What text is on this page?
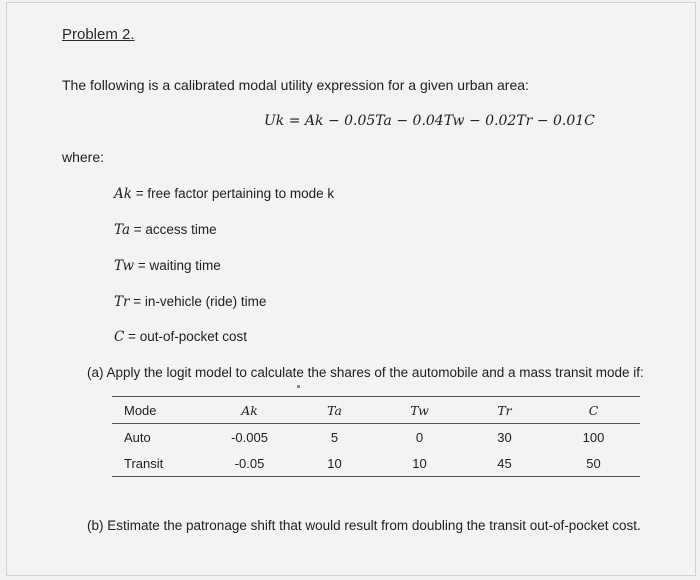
Problem 2.
The following is a calibrated modal utility expression for a given urban area:
Uk = Ak − 0.05Ta − 0.04Tw − 0.02Tr − 0.01C
where:
Ak = free factor pertaining to mode k
Ta = access time
Tw = waiting time
Tr = in-vehicle (ride) time
C = out-of-pocket cost
(a) Apply the logit model to calculate the shares of the automobile and a mass transit mode if:
Mode	Ak	Ta	Tw	Tr	C
Auto	-0.005	5	0	30	100
Transit	-0.05	10	10	45	50
(b) Estimate the patronage shift that would result from doubling the transit out-of-pocket cost.
